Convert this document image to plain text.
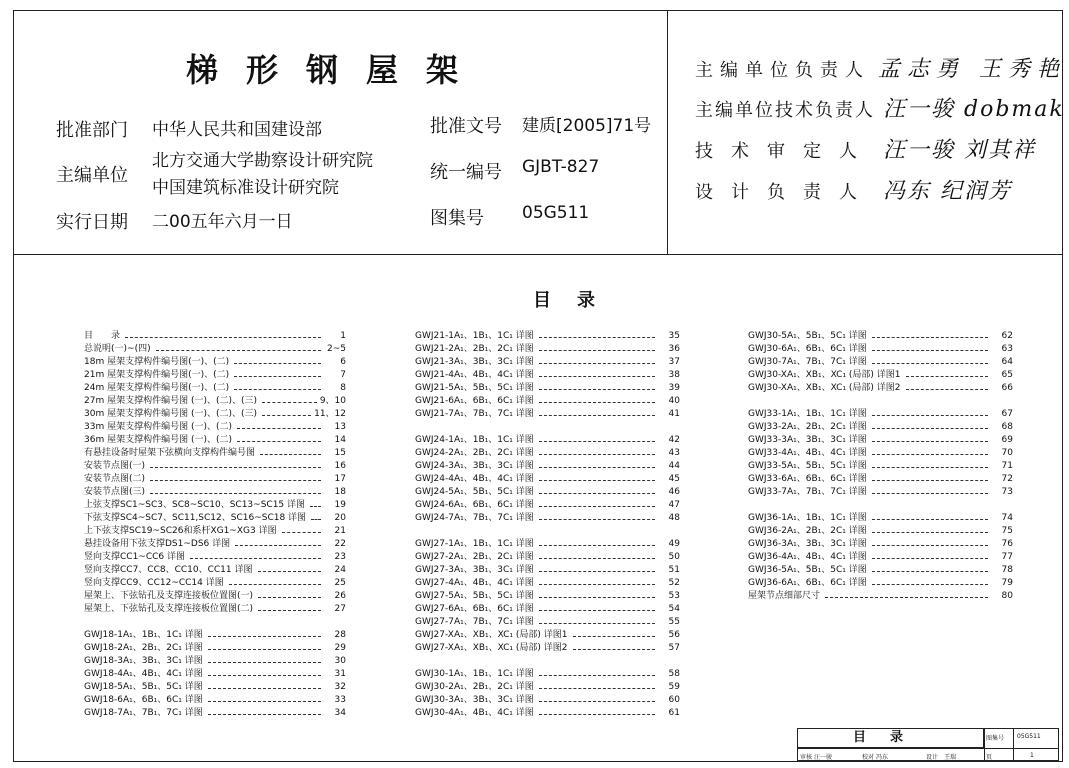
梯形钢屋架
批准部门 中华人民共和国建设部
主编单位
北方交通大学勘察设计研究院
中国建筑标准设计研究院
实行日期 二00五年六月一日
批准文号 建质[2005]71号
统一编号 GJBT-827
图集号 05G511
主编单位负责人 孟志勇 王秀艳
主编单位技术负责人 汪一骏 dobmak
技术审定人 汪一骏 刘其祥
设计负责人 冯东 纪润芳
目录
目　　录	1
总说明(一)~(四)	2~5
18m 屋架支撑构件编号图(一)、(二)	6
21m 屋架支撑构件编号图(一)、(二)	7
24m 屋架支撑构件编号图(一)、(二)	8
27m 屋架支撑构件编号图 (一)、(二)、(三)	9、10
30m 屋架支撑构件编号图 (一)、(二)、(三)	11、12
33m 屋架支撑构件编号图 (一)、(二)	13
36m 屋架支撑构件编号图 (一)、(二)	14
有悬挂设备时屋架下弦横向支撑构件编号图	15
安装节点图(一)	16
安装节点图(二)	17
安装节点图(三)	18
上弦支撑SC1~SC3、SC8~SC10、SC13~SC15 详图	19
下弦支撑SC4~SC7、SC11,SC12、SC16~SC18 详图	20
上下弦支撑SC19~SC26和系杆XG1~XG3 详图	21
悬挂设备用下弦支撑DS1~DS6 详图	22
竖向支撑CC1~CC6 详图	23
竖向支撑CC7、CC8、CC10、CC11 详图	24
竖向支撑CC9、CC12~CC14 详图	25
屋架上、下弦钻孔及支撑连接板位置图(一)	26
屋架上、下弦钻孔及支撑连接板位置图(二)	27
GWJ18-1A₁、1B₁、1C₁ 详图	28
GWJ18-2A₁、2B₁、2C₁ 详图	29
GWJ18-3A₁、3B₁、3C₁ 详图	30
GWJ18-4A₁、4B₁、4C₁ 详图	31
GWJ18-5A₁、5B₁、5C₁ 详图	32
GWJ18-6A₁、6B₁、6C₁ 详图	33
GWJ18-7A₁、7B₁、7C₁ 详图	34
GWJ21-1A₁、1B₁、1C₁ 详图	35
GWJ21-2A₁、2B₁、2C₁ 详图	36
GWJ21-3A₁、3B₁、3C₁ 详图	37
GWJ21-4A₁、4B₁、4C₁ 详图	38
GWJ21-5A₁、5B₁、5C₁ 详图	39
GWJ21-6A₁、6B₁、6C₁ 详图	40
GWJ21-7A₁、7B₁、7C₁ 详图	41
GWJ24-1A₁、1B₁、1C₁ 详图	42
GWJ24-2A₁、2B₁、2C₁ 详图	43
GWJ24-3A₁、3B₁、3C₁ 详图	44
GWJ24-4A₁、4B₁、4C₁ 详图	45
GWJ24-5A₁、5B₁、5C₁ 详图	46
GWJ24-6A₁、6B₁、6C₁ 详图	47
GWJ24-7A₁、7B₁、7C₁ 详图	48
GWJ27-1A₁、1B₁、1C₁ 详图	49
GWJ27-2A₁、2B₁、2C₁ 详图	50
GWJ27-3A₁、3B₁、3C₁ 详图	51
GWJ27-4A₁、4B₁、4C₁ 详图	52
GWJ27-5A₁、5B₁、5C₁ 详图	53
GWJ27-6A₁、6B₁、6C₁ 详图	54
GWJ27-7A₁、7B₁、7C₁ 详图	55
GWJ27-XA₁、XB₁、XC₁ (局部) 详图1	56
GWJ27-XA₁、XB₁、XC₁ (局部) 详图2	57
GWJ30-1A₁、1B₁、1C₁ 详图	58
GWJ30-2A₁、2B₁、2C₁ 详图	59
GWJ30-3A₁、3B₁、3C₁ 详图	60
GWJ30-4A₁、4B₁、4C₁ 详图	61
GWJ30-5A₁、5B₁、5C₁ 详图	62
GWJ30-6A₁、6B₁、6C₁ 详图	63
GWJ30-7A₁、7B₁、7C₁ 详图	64
GWJ30-XA₁、XB₁、XC₁ (局部) 详图1	65
GWJ30-XA₁、XB₁、XC₁ (局部) 详图2	66
GWJ33-1A₁、1B₁、1C₁ 详图	67
GWJ33-2A₁、2B₁、2C₁ 详图	68
GWJ33-3A₁、3B₁、3C₁ 详图	69
GWJ33-4A₁、4B₁、4C₁ 详图	70
GWJ33-5A₁、5B₁、5C₁ 详图	71
GWJ33-6A₁、6B₁、6C₁ 详图	72
GWJ33-7A₁、7B₁、7C₁ 详图	73
GWJ36-1A₁、1B₁、1C₁ 详图	74
GWJ36-2A₁、2B₁、2C₁ 详图	75
GWJ36-3A₁、3B₁、3C₁ 详图	76
GWJ36-4A₁、4B₁、4C₁ 详图	77
GWJ36-5A₁、5B₁、5C₁ 详图	78
GWJ36-6A₁、6B₁、6C₁ 详图	79
屋架节点细部尺寸	80
目录	图集号 05G511
审核 汪一骏	校对 冯东	设计 王瑞	页	1
